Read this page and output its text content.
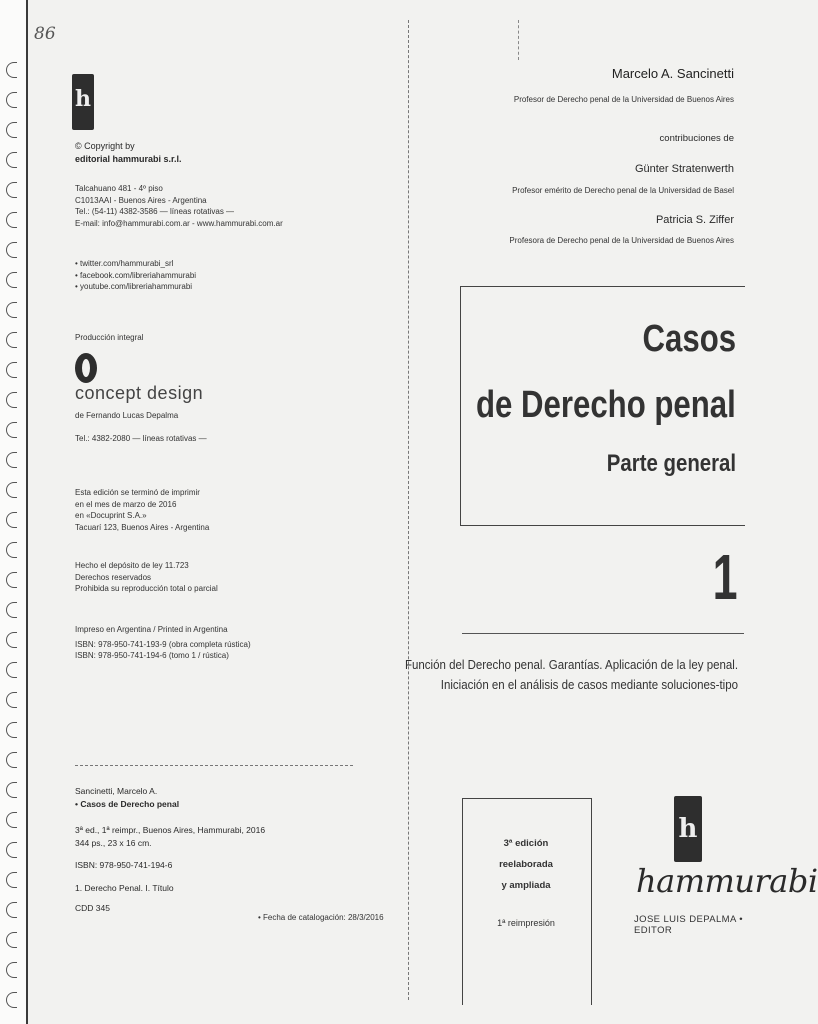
86
h
© Copyright by
editorial hammurabi s.r.l.
Talcahuano 481 - 4º piso
C1013AAI - Buenos Aires - Argentina
Tel.: (54-11) 4382-3586 — líneas rotativas —
E-mail: info@hammurabi.com.ar - www.hammurabi.com.ar
• twitter.com/hammurabi_srl
• facebook.com/libreriahammurabi
• youtube.com/libreriahammurabi
Producción integral
concept design
de Fernando Lucas Depalma
Tel.: 4382-2080 — líneas rotativas —
Esta edición se terminó de imprimir
en el mes de marzo de 2016
en «Docuprint S.A.»
Tacuarí 123, Buenos Aires - Argentina
Hecho el depósito de ley 11.723
Derechos reservados
Prohibida su reproducción total o parcial
Impreso en Argentina / Printed in Argentina
ISBN: 978-950-741-193-9 (obra completa rústica)
ISBN: 978-950-741-194-6 (tomo 1 / rústica)
Sancinetti, Marcelo A.
• Casos de Derecho penal
3ª ed., 1ª reimpr., Buenos Aires, Hammurabi, 2016
344 ps., 23 x 16 cm.
ISBN: 978-950-741-194-6
1. Derecho Penal. I. Título
CDD 345
• Fecha de catalogación: 28/3/2016
Marcelo A. Sancinetti
Profesor de Derecho penal de la Universidad de Buenos Aires
contribuciones de
Günter Stratenwerth
Profesor emérito de Derecho penal de la Universidad de Basel
Patricia S. Ziffer
Profesora de Derecho penal de la Universidad de Buenos Aires
Casos
de Derecho penal
Parte general
1
Función del Derecho penal. Garantías. Aplicación de la ley penal.
Iniciación en el análisis de casos mediante soluciones-tipo
3ª edición
reelaborada
y ampliada
1ª reimpresión
h
hammurabi
JOSE LUIS DEPALMA • EDITOR
